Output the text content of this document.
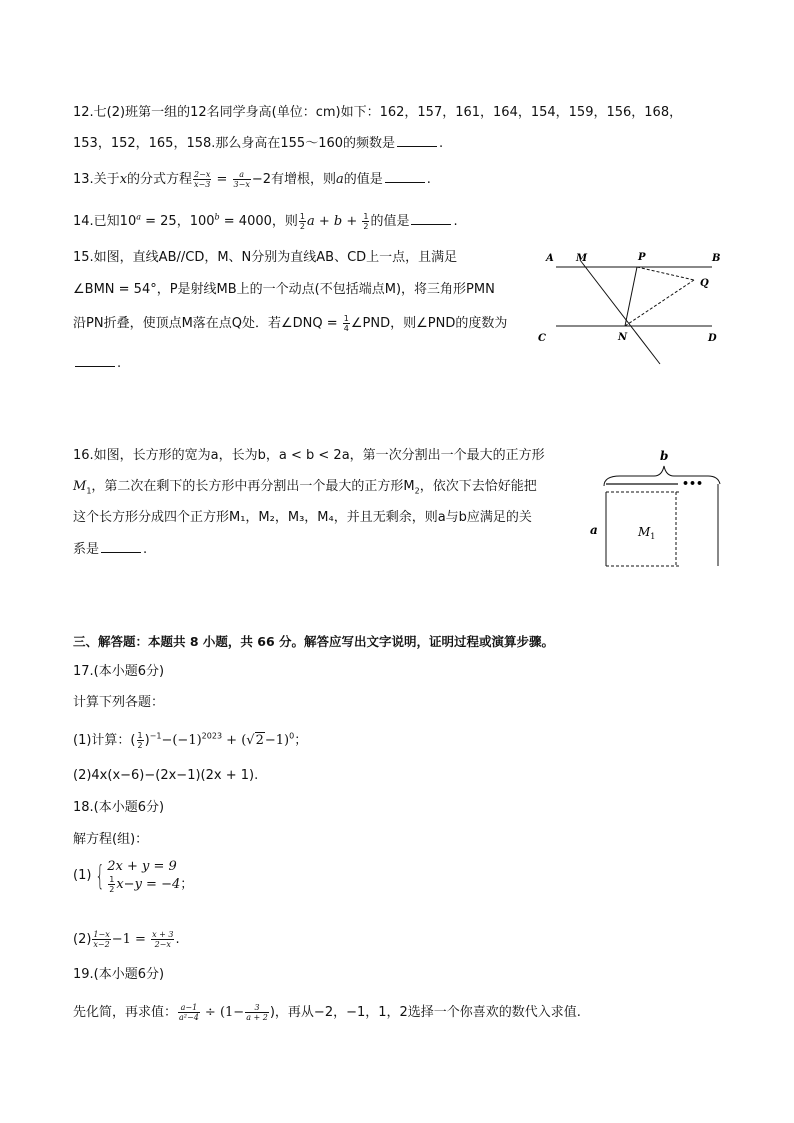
12.七(2)班第一组的12名同学身高(单位：cm)如下：162，157，161，164，154，159，156，168，
153，152，165，158.那么身高在155～160的频数是	.
13.关于x的分式方程 $\frac{2-x}{x-3} = \frac{a}{3-x} -2$有增根，则a的值是	.
14.已知$10^a = 25$，$100^b = 4000$，则 $\frac{1}{2}$ $a + b + \frac{1}{2}$ 的值是	.
15.如图，直线AB//CD，M、N分别为直线AB、CD上一点，且满足
∠BMN = 54°，P是射线MB上的一个动点(不包括端点M)，将三角形PMN
沿PN折叠，使顶点M落在点Q处．若∠DNQ = $\frac{1}{4}$ ∠PND，则∠PND的度数为
.
A M	P	B
Q
C	N	D
16.如图，长方形的宽为a，长为b，a < b < 2a，第一次分割出一个最大的正方形
$M_1$，第二次在剩下的长方形中再分割出一个最大的正方形$M_2$，依次下去恰好能把
这个长方形分成四个正方形M₁，M₂，M₃，M₄，并且无剩余，则a与b应满足的关
系是	.
b
•••
a	$M_1$
三、解答题：本题共 8 小题，共 66 分。解答应写出文字说明，证明过程或演算步骤。
17.(本小题6分)
计算下列各题：
(1)计算：( $\frac{1}{2} )^{-1}-(-1)^{2023} + (√2-1)^0$；
(2)4x(x−6)−(2x−1)(2x + 1).
18.(本小题6分)
解方程(组)：
(1) { 2x + y = 9
$\frac{1}{2} x-y = -4$；
$(2) \frac{1-x}{x-2} -1 = \frac{x + 3}{2-x}$ .
19.(本小题6分)
先化简，再求值： $\frac{a-1}{\text{a²−4}} \div (1- \frac{3}{a + 2}$ )，再从−2，−1，1，2选择一个你喜欢的数代入求值.
